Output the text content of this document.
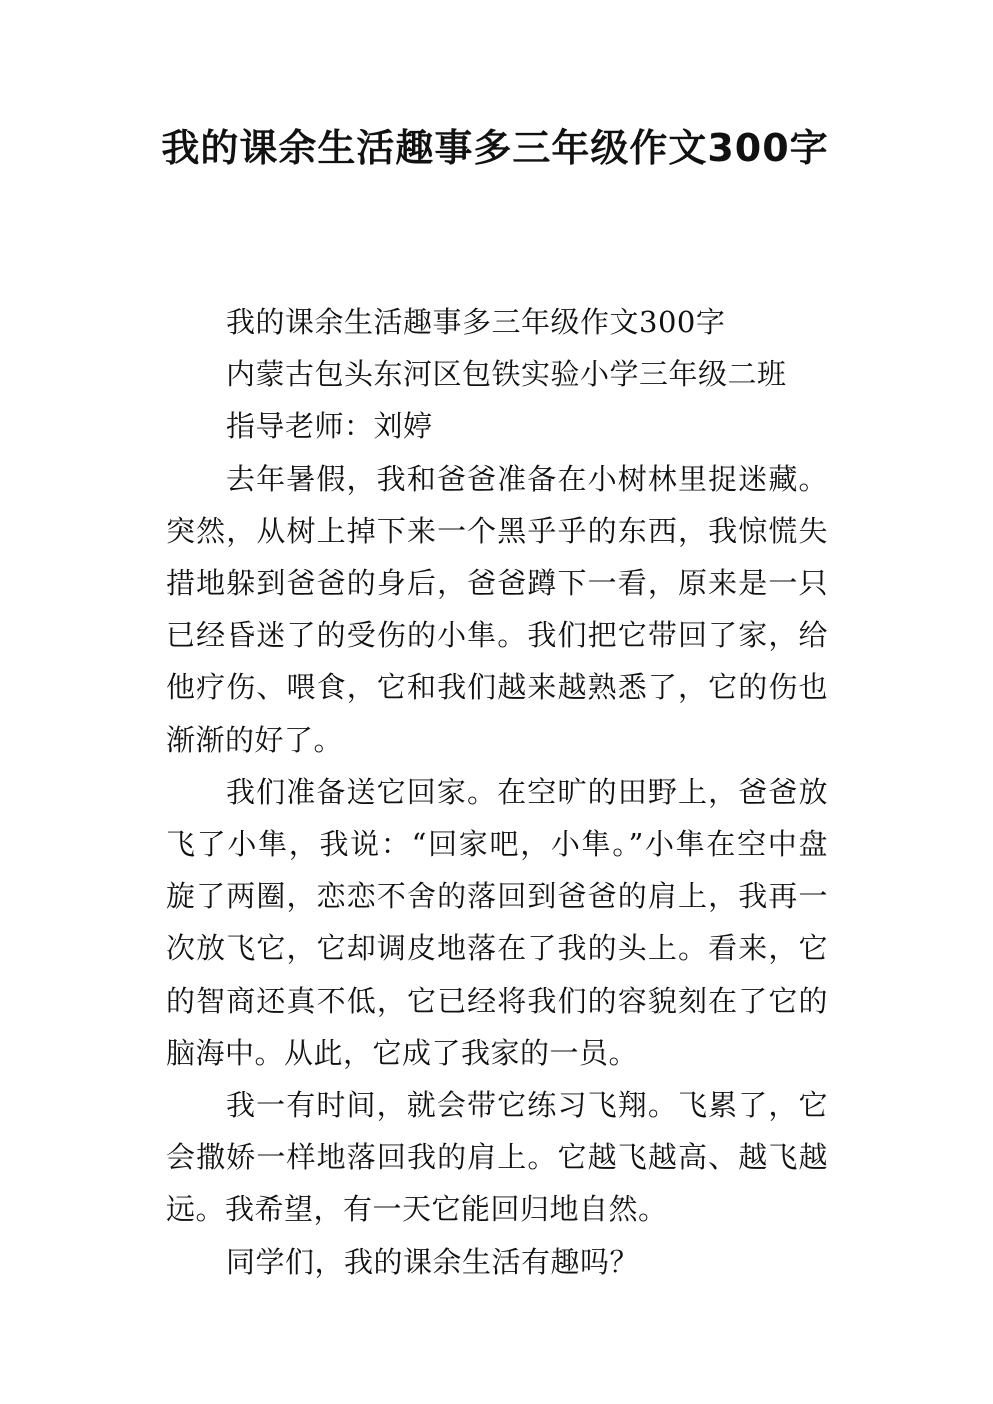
我的课余生活趣事多三年级作文300字

我的课余生活趣事多三年级作文300字

内蒙古包头东河区包铁实验小学三年级二班

指导老师：刘婷

去年暑假，我和爸爸准备在小树林里捉迷藏。突然，从树上掉下来一个黑乎乎的东西，我惊慌失措地躲到爸爸的身后，爸爸蹲下一看，原来是一只已经昏迷了的受伤的小隼。我们把它带回了家，给他疗伤、喂食，它和我们越来越熟悉了，它的伤也渐渐的好了。

我们准备送它回家。在空旷的田野上，爸爸放飞了小隼，我说：“回家吧，小隼。”小隼在空中盘旋了两圈，恋恋不舍的落回到爸爸的肩上，我再一次放飞它，它却调皮地落在了我的头上。看来，它的智商还真不低，它已经将我们的容貌刻在了它的脑海中。从此，它成了我家的一员。

我一有时间，就会带它练习飞翔。飞累了，它会撒娇一样地落回我的肩上。它越飞越高、越飞越远。我希望，有一天它能回归地自然。

同学们，我的课余生活有趣吗？
